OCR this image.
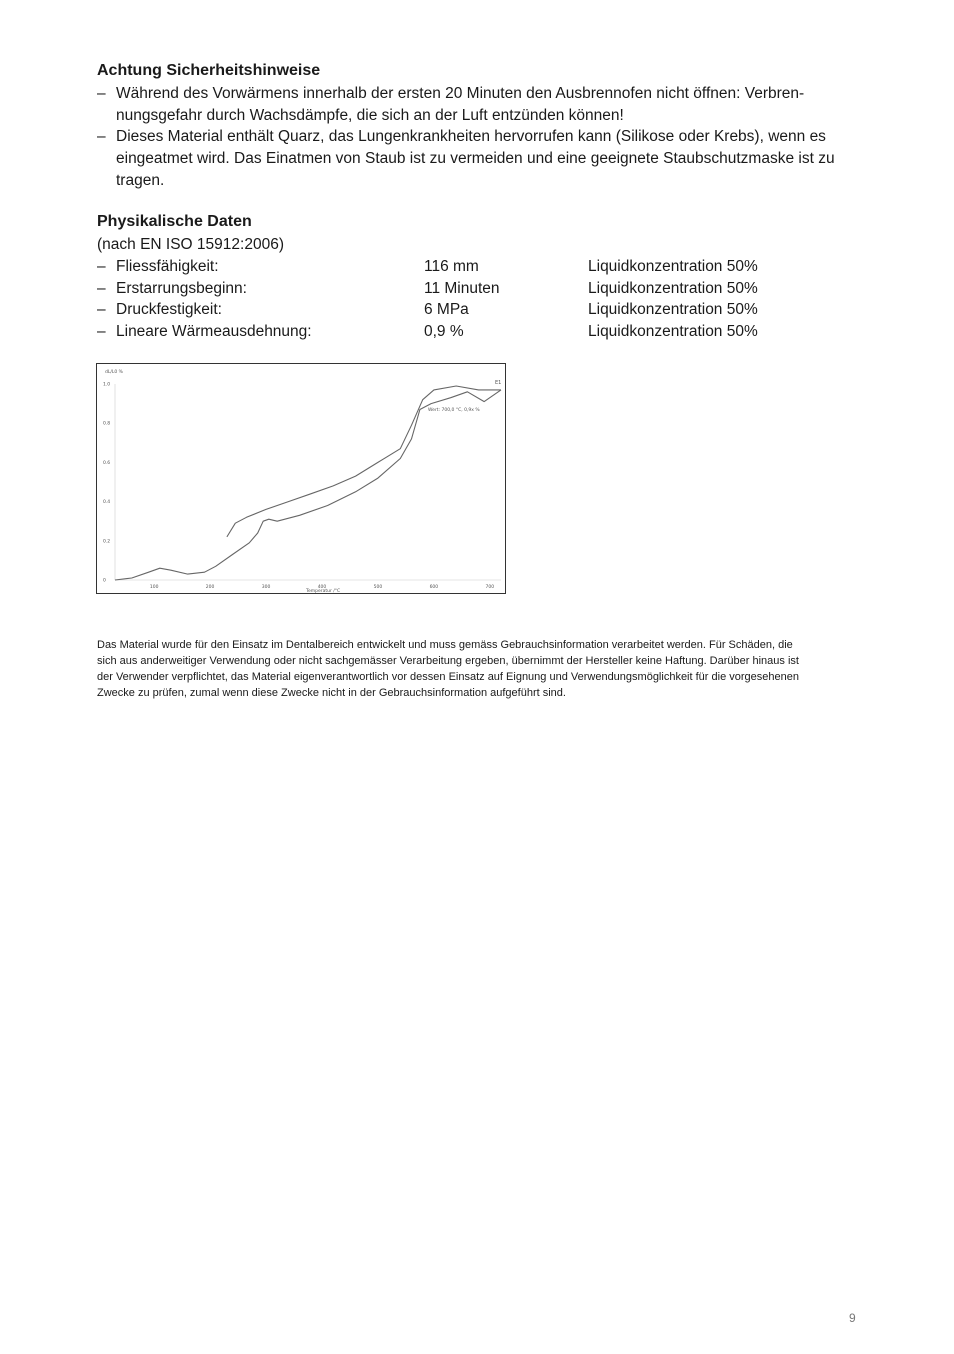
Achtung Sicherheitshinweise
– Während des Vorwärmens innerhalb der ersten 20 Minuten den Ausbrennofen nicht öffnen: Verbren-
nungsgefahr durch Wachsdämpfe, die sich an der Luft entzünden können!
– Dieses Material enthält Quarz, das Lungenkrankheiten hervorrufen kann (Silikose oder Krebs), wenn es
eingeatmet wird. Das Einatmen von Staub ist zu vermeiden und eine geeignete Staubschutzmaske ist zu
tragen.
Physikalische Daten
(nach EN ISO 15912:2006)
– Fliessfähigkeit:	116 mm	Liquidkonzentration 50%
– Erstarrungsbeginn:	11 Minuten	Liquidkonzentration 50%
– Druckfestigkeit:	6 MPa	Liquidkonzentration 50%
– Lineare Wärmeausdehnung:	0,9 %	Liquidkonzentration 50%
0
0.2
0.4
0.6
0.8
1.0
100	200	300	400	500	600	700
dL/L0 %
Temperatur /°C
Wert: 700,0 °C, 0,9x %
E1
Das Material wurde für den Einsatz im Dentalbereich entwickelt und muss gemäss Gebrauchsinformation verarbeitet werden. Für Schäden, die
sich aus anderweitiger Verwendung oder nicht sachgemässer Verarbeitung ergeben, übernimmt der Hersteller keine Haftung. Darüber hinaus ist
der Verwender verpflichtet, das Material eigenverantwortlich vor dessen Einsatz auf Eignung und Verwendungsmöglichkeit für die vorgesehenen
Zwecke zu prüfen, zumal wenn diese Zwecke nicht in der Gebrauchsinformation aufgeführt sind.
9
